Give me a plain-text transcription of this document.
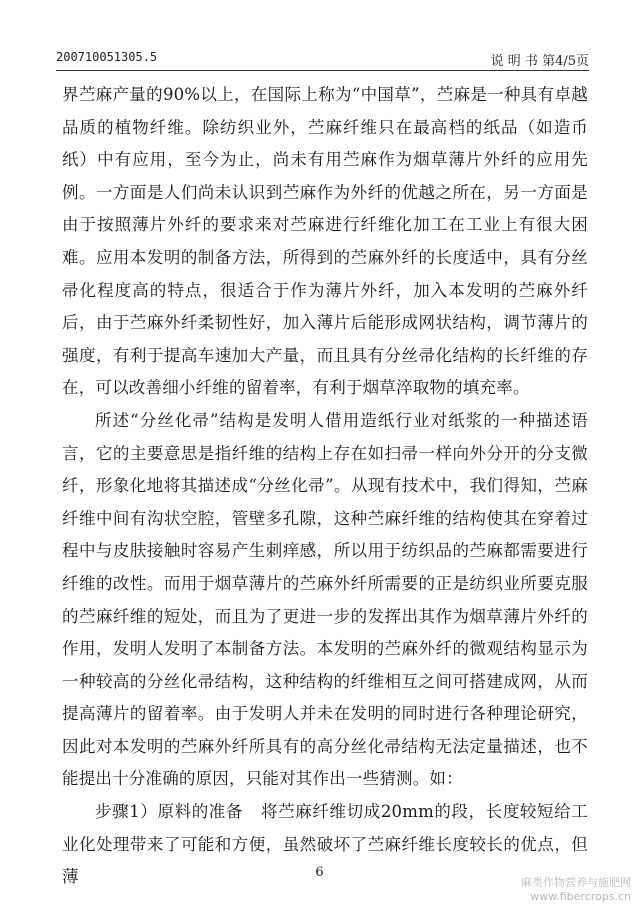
200710051305.5	说 明 书 第4/5页

界苎麻产量的90%以上，在国际上称为“中国草”，苎麻是一种具有卓越品质的植物纤维。除纺织业外，苎麻纤维只在最高档的纸品（如造币纸）中有应用，至今为止，尚未有用苎麻作为烟草薄片外纤的应用先例。一方面是人们尚未认识到苎麻作为外纤的优越之所在，另一方面是由于按照薄片外纤的要求来对苎麻进行纤维化加工在工业上有很大困难。应用本发明的制备方法，所得到的苎麻外纤的长度适中，具有分丝帚化程度高的特点，很适合于作为薄片外纤，加入本发明的苎麻外纤后，由于苎麻外纤柔韧性好，加入薄片后能形成网状结构，调节薄片的强度，有利于提高车速加大产量，而且具有分丝帚化结构的长纤维的存在，可以改善细小纤维的留着率，有利于烟草淬取物的填充率。

所述“分丝化帚”结构是发明人借用造纸行业对纸浆的一种描述语言，它的主要意思是指纤维的结构上存在如扫帚一样向外分开的分支微纤，形象化地将其描述成“分丝化帚”。从现有技术中，我们得知，苎麻纤维中间有沟状空腔，管壁多孔隙，这种苎麻纤维的结构使其在穿着过程中与皮肤接触时容易产生刺痒感，所以用于纺织品的苎麻都需要进行纤维的改性。而用于烟草薄片的苎麻外纤所需要的正是纺织业所要克服的苎麻纤维的短处，而且为了更进一步的发挥出其作为烟草薄片外纤的作用，发明人发明了本制备方法。本发明的苎麻外纤的微观结构显示为一种较高的分丝化帚结构，这种结构的纤维相互之间可搭建成网，从而提高薄片的留着率。由于发明人并未在发明的同时进行各种理论研究，因此对本发明的苎麻外纤所具有的高分丝化帚结构无法定量描述，也不能提出十分准确的原因，只能对其作出一些猜测。如：

步骤1）原料的准备 将苎麻纤维切成20mm的段，长度较短给工业化处理带来了可能和方便，虽然破坏了苎麻纤维长度较长的优点，但薄	6
麻类作物营养与施肥网
www.fibercrops.cn
